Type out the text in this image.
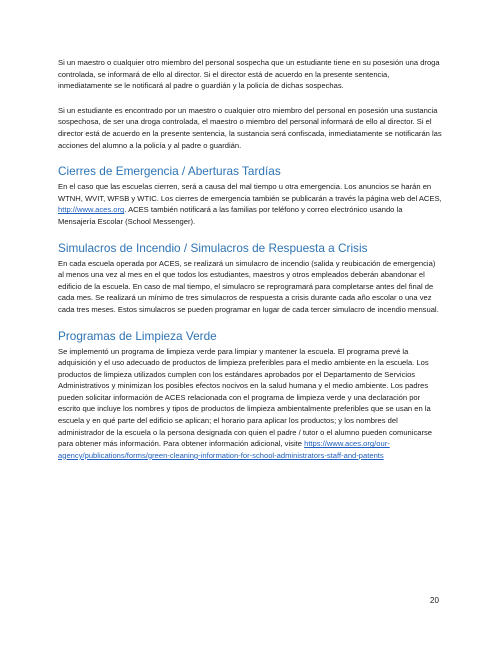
Si un maestro o cualquier otro miembro del personal sospecha que un estudiante tiene en su posesión una droga controlada, se informará de ello al director. Si el director está de acuerdo en la presente sentencia, inmediatamente se le notificará al padre o guardián y la policía de dichas sospechas.

Si un estudiante es encontrado por un maestro o cualquier otro miembro del personal en posesión una sustancia sospechosa, de ser una droga controlada, el maestro o miembro del personal informará de ello al director. Si el director está de acuerdo en la presente sentencia, la sustancia será confiscada, inmediatamente se notificarán las acciones del alumno a la policía y al padre o guardián.

Cierres de Emergencia / Aberturas Tardías

En el caso que las escuelas cierren, será a causa del mal tiempo u otra emergencia. Los anuncios se harán en WTNH, WVIT, WFSB y WTIC. Los cierres de emergencia también se publicarán a través la página web del ACES, http://www.aces.org. ACES también notificará a las familias por teléfono y correo electrónico usando la Mensajería Escolar (School Messenger).

Simulacros de Incendio / Simulacros de Respuesta a Crisis

En cada escuela operada por ACES, se realizará un simulacro de incendio (salida y reubicación de emergencia) al menos una vez al mes en el que todos los estudiantes, maestros y otros empleados deberán abandonar el edificio de la escuela. En caso de mal tiempo, el simulacro se reprogramará para completarse antes del final de cada mes. Se realizará un mínimo de tres simulacros de respuesta a crisis durante cada año escolar o una vez cada tres meses. Estos simulacros se pueden programar en lugar de cada tercer simulacro de incendio mensual.

Programas de Limpieza Verde

Se implementó un programa de limpieza verde para limpiar y mantener la escuela. El programa prevé la adquisición y el uso adecuado de productos de limpieza preferibles para el medio ambiente en la escuela. Los productos de limpieza utilizados cumplen con los estándares aprobados por el Departamento de Servicios Administrativos y minimizan los posibles efectos nocivos en la salud humana y el medio ambiente. Los padres pueden solicitar información de ACES relacionada con el programa de limpieza verde y una declaración por escrito que incluye los nombres y tipos de productos de limpieza ambientalmente preferibles que se usan en la escuela y en qué parte del edificio se aplican; el horario para aplicar los productos; y los nombres del administrador de la escuela o la persona designada con quien el padre / tutor o el alumno pueden comunicarse para obtener más información. Para obtener información adicional, visite https://www.aces.org/our-agency/publications/forms/green-cleaning-information-for-school-administrators-staff-and-patents

20
